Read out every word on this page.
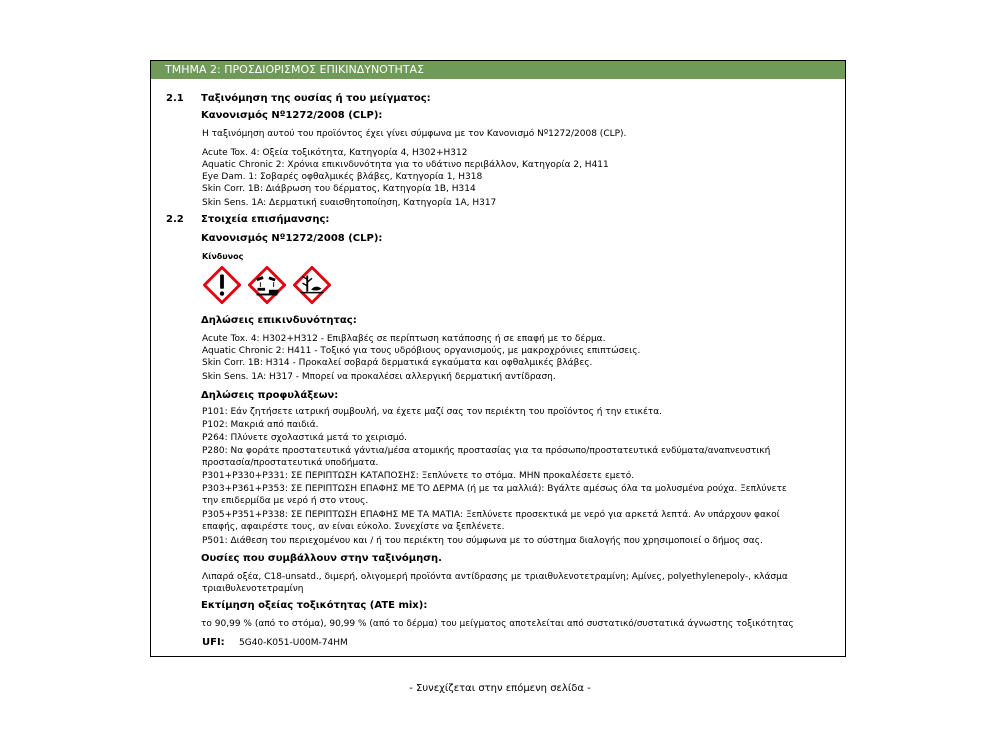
ΤΜΗΜΑ 2: ΠΡΟΣΔΙΟΡΙΣΜΟΣ ΕΠΙΚΙΝΔΥΝΟΤΗΤΑΣ
2.1 Ταξινόμηση της ουσίας ή του μείγματος:
Κανονισμός Nº1272/2008 (CLP):
Η ταξινόμηση αυτού του προϊόντος έχει γίνει σύμφωνα με τον Κανονισμό Nº1272/2008 (CLP).
Acute Tox. 4: Οξεία τοξικότητα, Κατηγορία 4, H302+H312
Aquatic Chronic 2: Χρόνια επικινδυνότητα για το υδάτινο περιβάλλον, Κατηγορία 2, H411
Eye Dam. 1: Σοβαρές οφθαλμικές βλάβες, Κατηγορία 1, H318
Skin Corr. 1B: Διάβρωση του δέρματος, Κατηγορία 1B, H314
Skin Sens. 1A: Δερματική ευαισθητοποίηση, Κατηγορία 1A, H317
2.2 Στοιχεία επισήμανσης:
Κανονισμός Nº1272/2008 (CLP):
Κίνδυνος
Δηλώσεις επικινδυνότητας:
Acute Tox. 4: H302+H312 - Επιβλαβές σε περίπτωση κατάποσης ή σε επαφή με το δέρμα.
Aquatic Chronic 2: H411 - Τοξικό για τους υδρόβιους οργανισμούς, με μακροχρόνιες επιπτώσεις.
Skin Corr. 1B: H314 - Προκαλεί σοβαρά δερματικά εγκαύματα και οφθαλμικές βλάβες.
Skin Sens. 1A: H317 - Μπορεί να προκαλέσει αλλεργική δερματική αντίδραση.
Δηλώσεις προφυλάξεων:
P101: Εάν ζητήσετε ιατρική συμβουλή, να έχετε μαζί σας τον περιέκτη του προϊόντος ή την ετικέτα.
P102: Μακριά από παιδιά.
P264: Πλύνετε σχολαστικά μετά το χειρισμό.
P280: Να φοράτε προστατευτικά γάντια/μέσα ατομικής προστασίας για τα πρόσωπο/προστατευτικά ενδύματα/αναπνευστική
προστασία/προστατευτικά υποδήματα.
P301+P330+P331: ΣΕ ΠΕΡΙΠΤΩΣΗ ΚΑΤΑΠΟΣΗΣ: Ξεπλύνετε το στόμα. ΜΗΝ προκαλέσετε εμετό.
P303+P361+P353: ΣΕ ΠΕΡΙΠΤΩΣΗ ΕΠΑΦΗΣ ΜΕ ΤΟ ΔΕΡΜΑ (ή με τα μαλλιά): Βγάλτε αμέσως όλα τα μολυσμένα ρούχα. Ξεπλύνετε
την επιδερμίδα με νερό ή στο ντους.
P305+P351+P338: ΣΕ ΠΕΡΙΠΤΩΣΗ ΕΠΑΦΗΣ ΜΕ ΤΑ ΜΑΤΙΑ: Ξεπλύνετε προσεκτικά με νερό για αρκετά λεπτά. Αν υπάρχουν φακοί
επαφής, αφαιρέστε τους, αν είναι εύκολο. Συνεχίστε να ξεπλένετε.
P501: Διάθεση του περιεχομένου και / ή του περιέκτη του σύμφωνα με το σύστημα διαλογής που χρησιμοποιεί ο δήμος σας.
Ουσίες που συμβάλλουν στην ταξινόμηση.
Λιπαρά οξέα, C18-unsatd., διμερή, ολιγομερή προϊόντα αντίδρασης με τριαιθυλενοτετραμίνη; Αμίνες, polyethylenepoly-, κλάσμα
τριαιθυλενοτετραμίνη
Εκτίμηση οξείας τοξικότητας (ATE mix):
το 90,99 % (από το στόμα), 90,99 % (από το δέρμα) του μείγματος αποτελείται από συστατικό/συστατικά άγνωστης τοξικότητας
UFI: 5G40-K051-U00M-74HM
- Συνεχίζεται στην επόμενη σελίδα -
